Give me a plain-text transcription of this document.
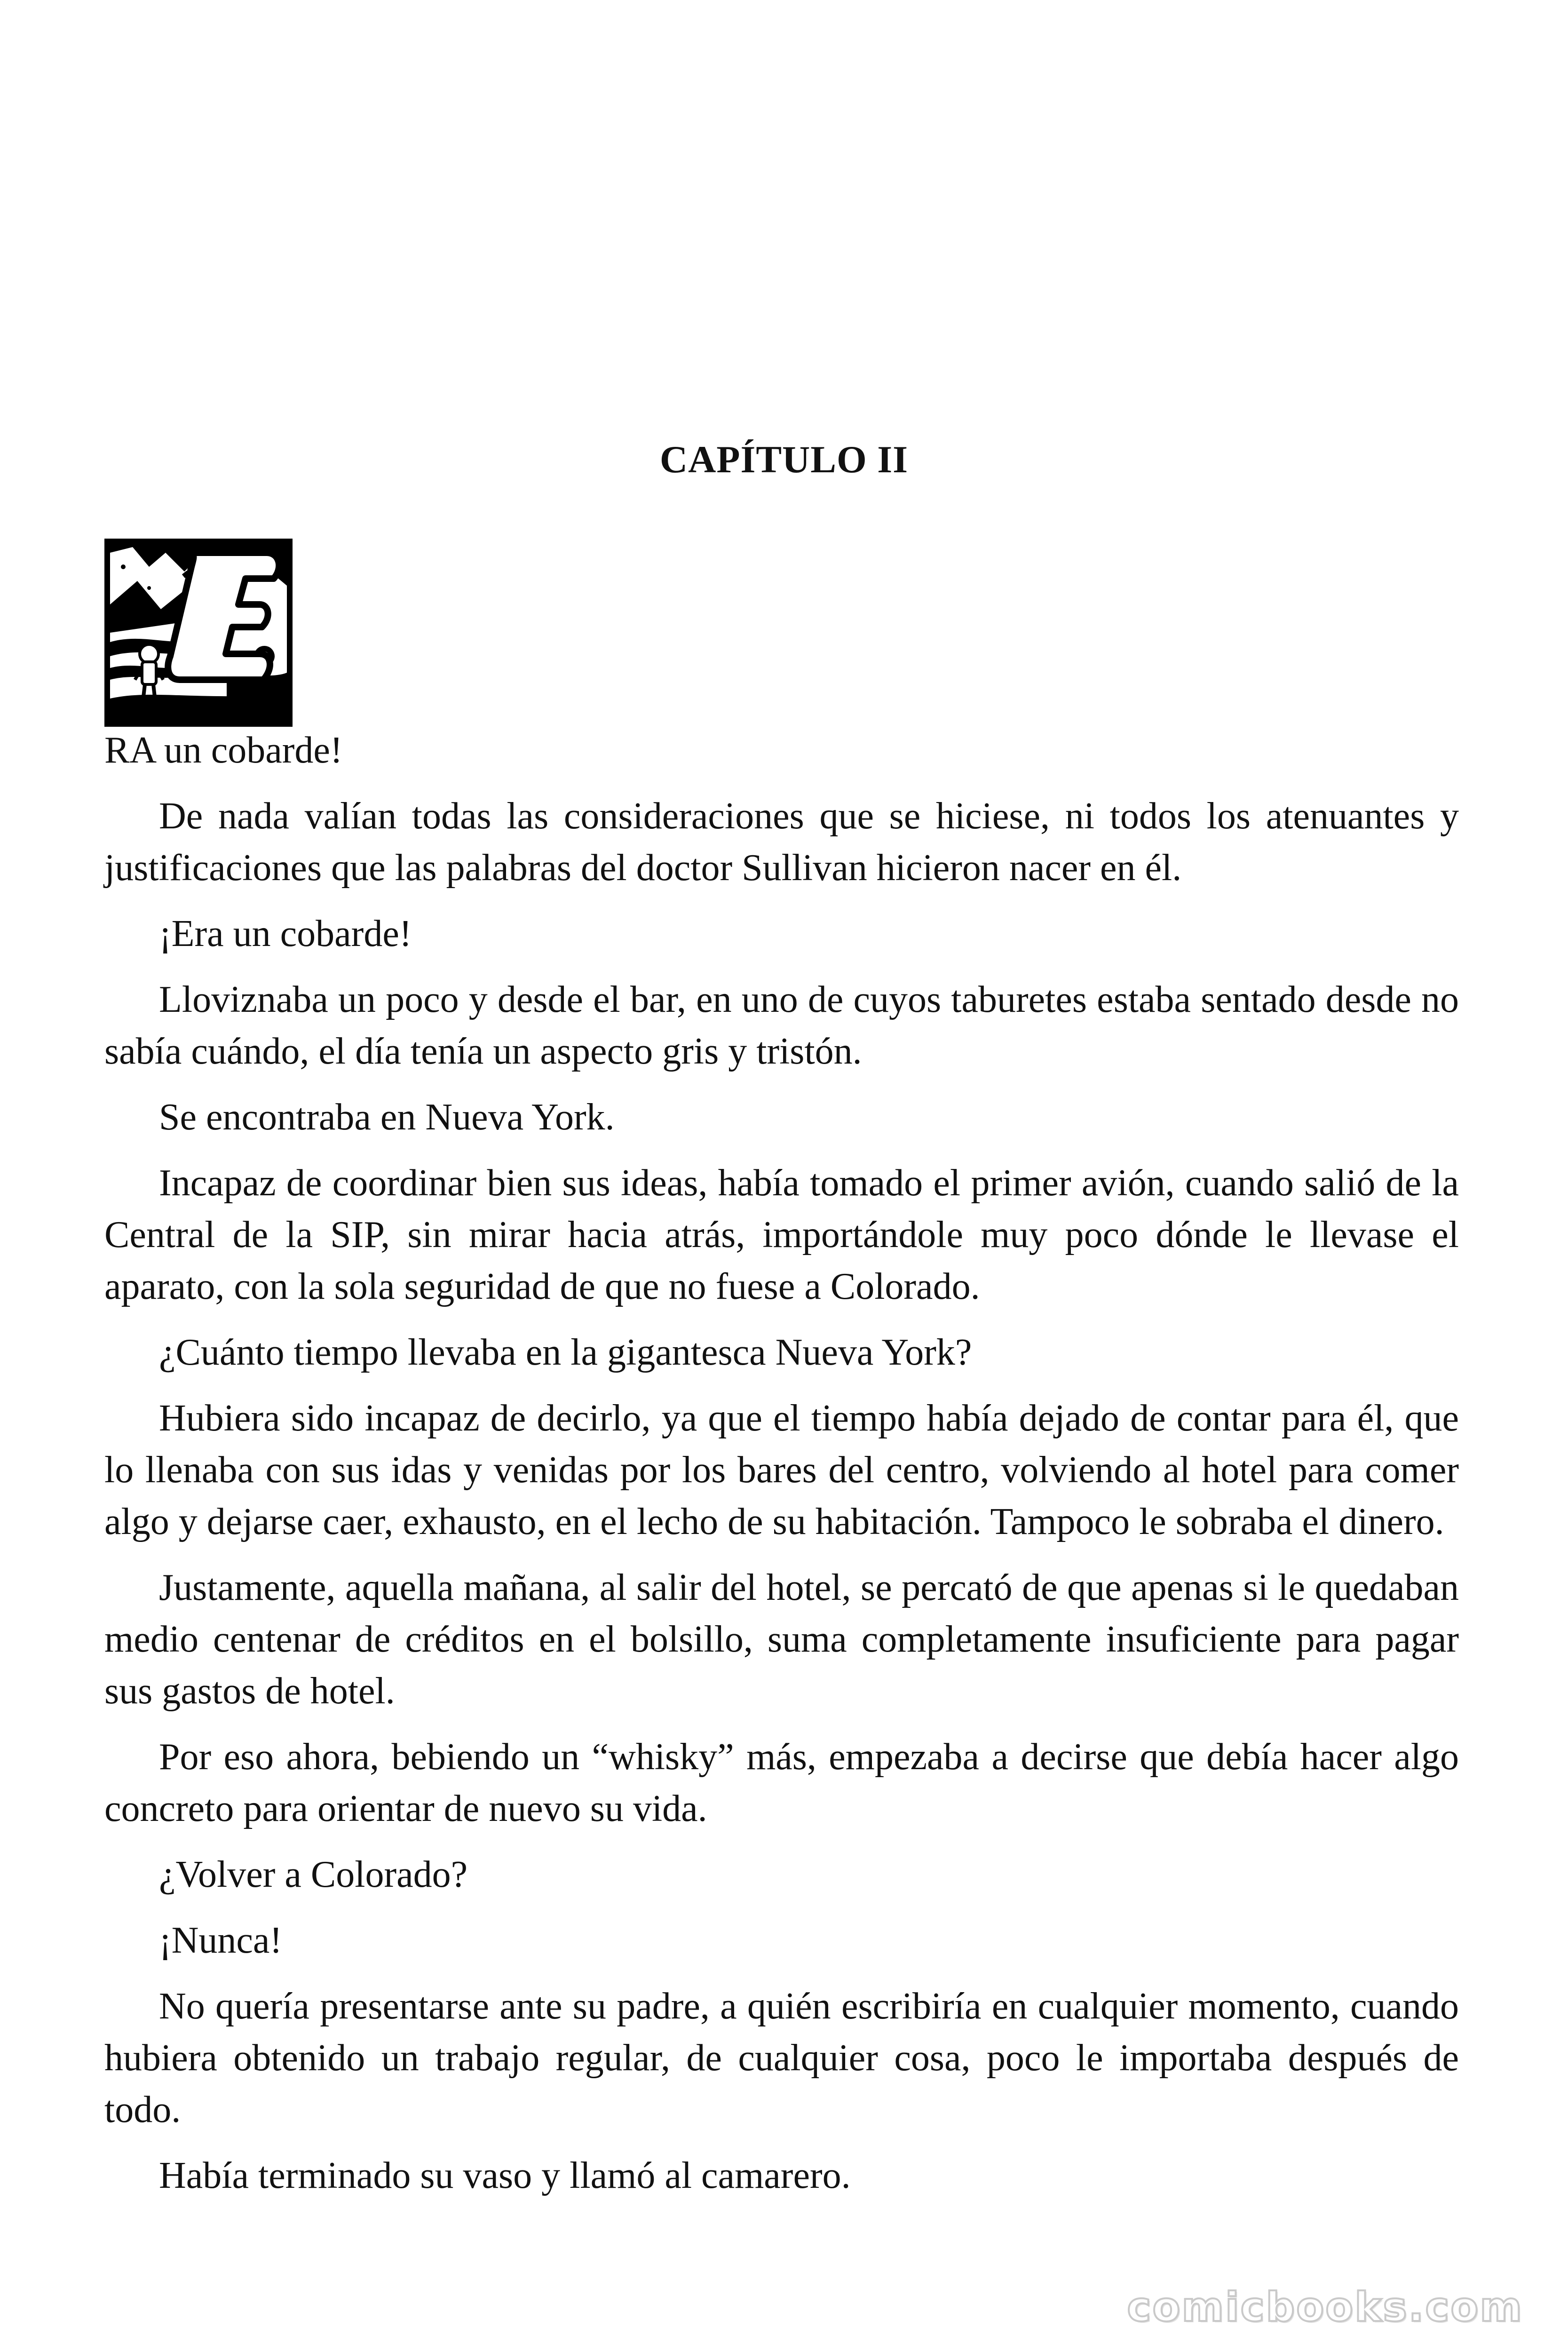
CAPÍTULO II

RA un cobarde!

De nada valían todas las consideraciones que se hiciese, ni todos los atenuantes y justificaciones que las palabras del doctor Sullivan hicieron nacer en él.

¡Era un cobarde!

Lloviznaba un poco y desde el bar, en uno de cuyos taburetes estaba sentado desde no sabía cuándo, el día tenía un aspecto gris y tristón.

Se encontraba en Nueva York.

Incapaz de coordinar bien sus ideas, había tomado el primer avión, cuando salió de la Central de la SIP, sin mirar hacia atrás, importándole muy poco dónde le llevase el aparato, con la sola seguridad de que no fuese a Colorado.

¿Cuánto tiempo llevaba en la gigantesca Nueva York?

Hubiera sido incapaz de decirlo, ya que el tiempo había dejado de contar para él, que lo llenaba con sus idas y venidas por los bares del centro, volviendo al hotel para comer algo y dejarse caer, exhausto, en el lecho de su habitación. Tampoco le sobraba el dinero.

Justamente, aquella mañana, al salir del hotel, se percató de que apenas si le quedaban medio centenar de créditos en el bolsillo, suma completamente insuficiente para pagar sus gastos de hotel.

Por eso ahora, bebiendo un “whisky” más, empezaba a decirse que debía hacer algo concreto para orientar de nuevo su vida.

¿Volver a Colorado?

¡Nunca!

No quería presentarse ante su padre, a quién escribiría en cualquier momento, cuando hubiera obtenido un trabajo regular, de cualquier cosa, poco le importaba después de todo.

Había terminado su vaso y llamó al camarero.

comicbooks.com
